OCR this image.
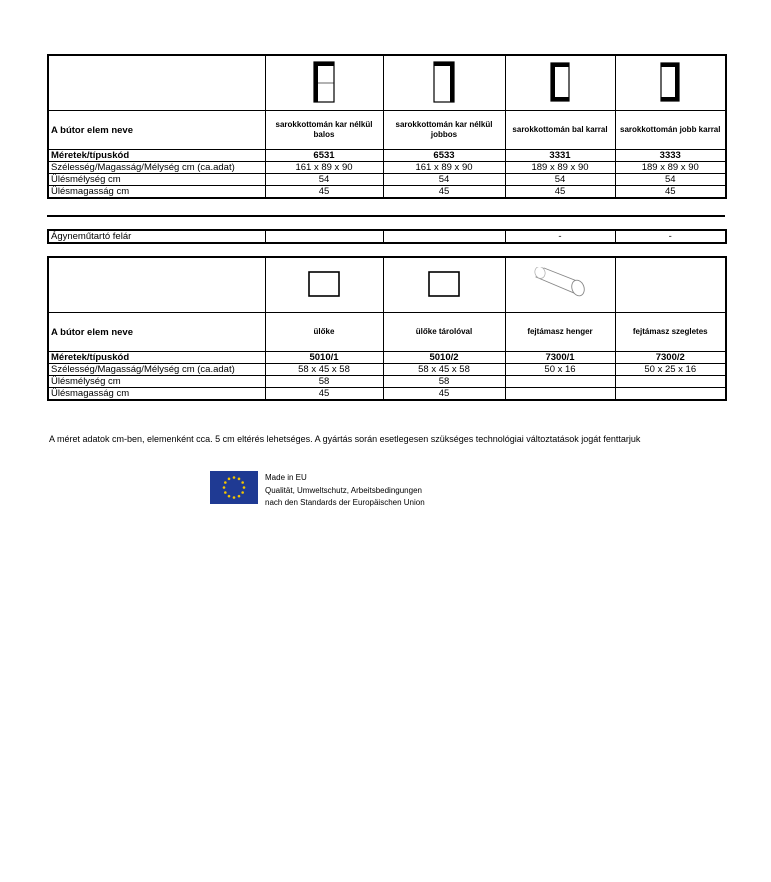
A bútor elem neve	sarokkottomán kar nélkül balos	sarokkottomán kar nélkül jobbos	sarokkottomán bal karral	sarokkottomán jobb karral
Méretek/típuskód	6531	6533	3331	3333
Szélesség/Magasság/Mélység cm (ca.adat)	161 x 89 x 90	161 x 89 x 90	189 x 89 x 90	189 x 89 x 90
Ülésmélység cm	54	54	54	54
Ülésmagasság cm	45	45	45	45
Ágyneműtartó felár			-	-

A bútor elem neve	ülőke	ülőke tárolóval	fejtámasz henger	fejtámasz szegletes
Méretek/típuskód	5010/1	5010/2	7300/1	7300/2
Szélesség/Magasság/Mélység cm (ca.adat)	58 x 45 x 58	58 x 45 x 58	50 x 16	50 x 25 x 16
Ülésmélység cm	58	58		
Ülésmagasság cm	45	45		
A méret adatok cm-ben, elemenként cca. 5 cm eltérés lehetséges. A gyártás során esetlegesen szükséges technológiai változtatások jogát fenttarjuk
Made in EU
Qualität, Umweltschutz, Arbeitsbedingungen
nach den Standards der Europäischen Union
